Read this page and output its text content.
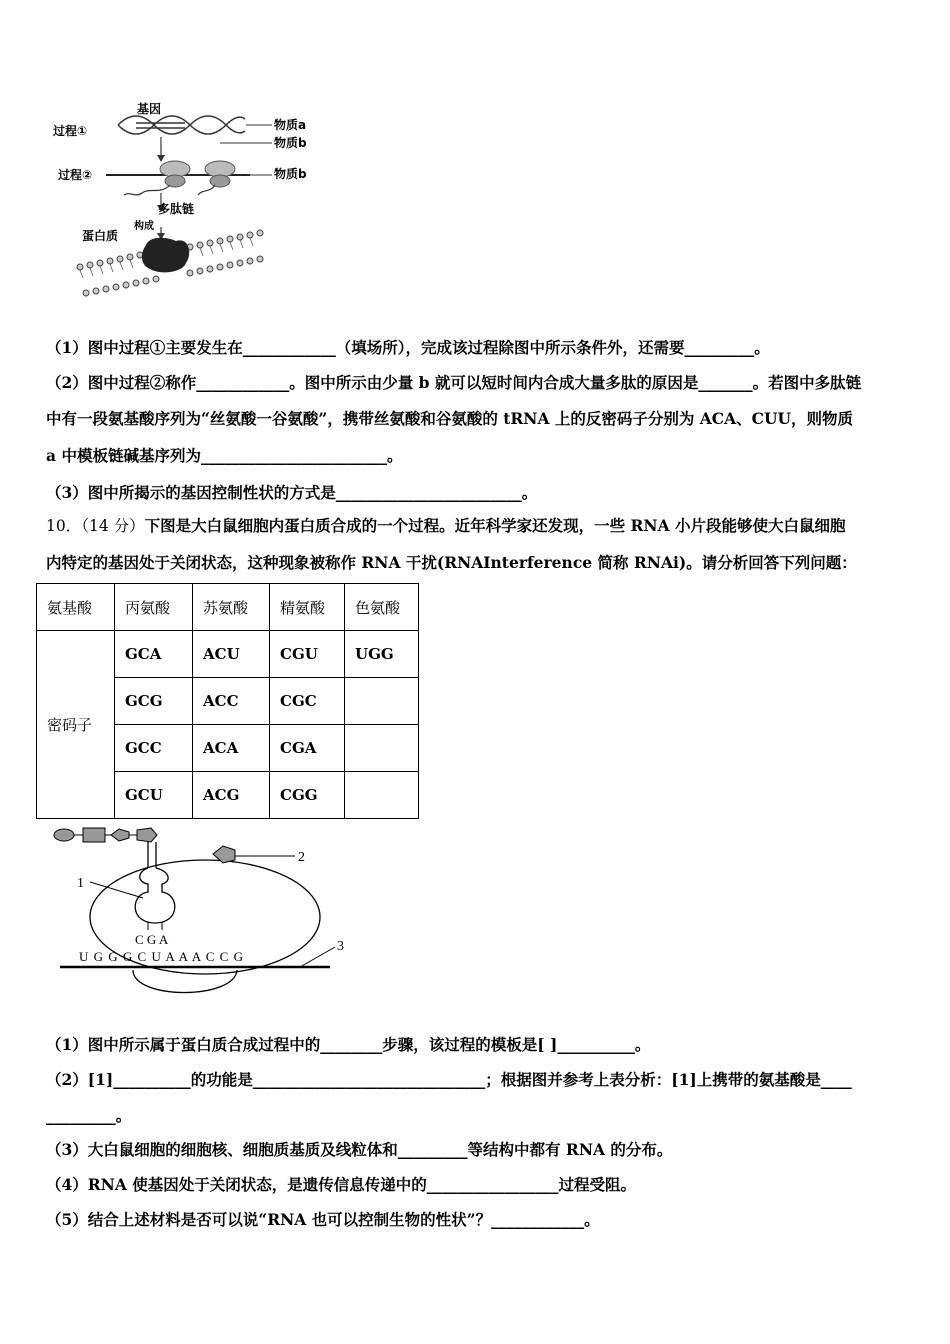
过程①
基因
物质a
物质b
过程②	物质b
多肽链
构成
蛋白质
（1）图中过程①主要发生在____________（填场所），完成该过程除图中所示条件外，还需要_________。
（2）图中过程②称作____________。图中所示由少量 b 就可以短时间内合成大量多肽的原因是_______。若图中多肽链
中有一段氨基酸序列为“丝氨酸一谷氨酸”，携带丝氨酸和谷氨酸的 tRNA 上的反密码子分别为 ACA、CUU，则物质
a 中模板链碱基序列为________________________。
（3）图中所揭示的基因控制性状的方式是________________________。
10．（14 分）下图是大白鼠细胞内蛋白质合成的一个过程。近年科学家还发现，一些 RNA 小片段能够使大白鼠细胞
内特定的基因处于关闭状态，这种现象被称作 RNA 干扰(RNAInterference 简称 RNAi)。请分析回答下列问题：
氨基酸	丙氨酸	苏氨酸	精氨酸	色氨酸
密码子	GCA	ACU	CGU	UGG
	GCG	ACC	CGC	
	GCC	ACA	CGA	
	GCU	ACG	CGG	
C G A
U G G G C U A A A C C G
1
2
3
（1）图中所示属于蛋白质合成过程中的________步骤，该过程的模板是[ ]__________。
（2）[1]__________的功能是______________________________；根据图并参考上表分析：[1]上携带的氨基酸是____
_________。
（3）大白鼠细胞的细胞核、细胞质基质及线粒体和_________等结构中都有 RNA 的分布。
（4）RNA 使基因处于关闭状态，是遗传信息传递中的_________________过程受阻。
（5）结合上述材料是否可以说“RNA 也可以控制生物的性状”？____________。
